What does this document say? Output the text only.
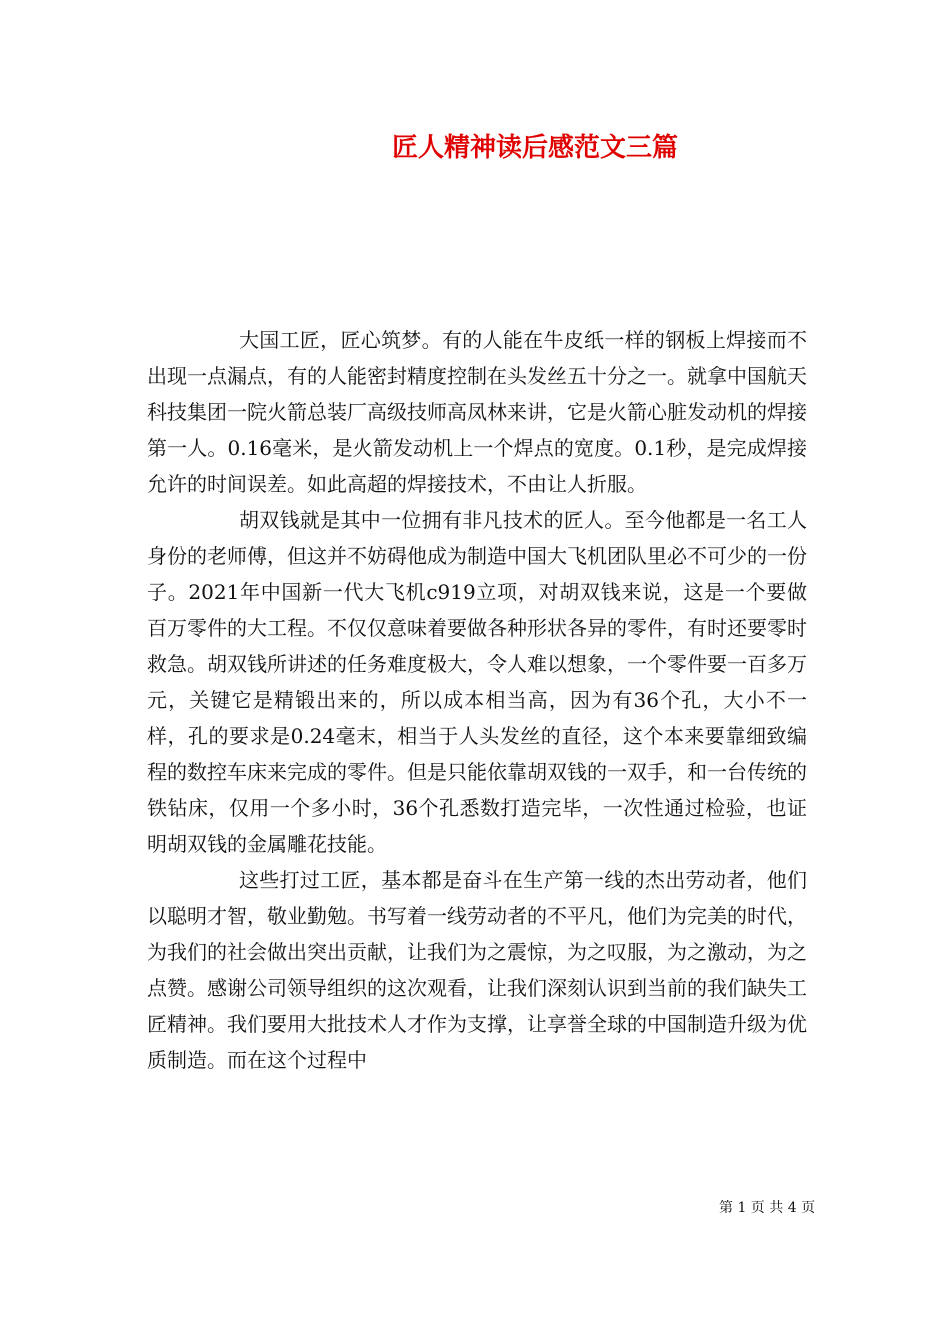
匠人精神读后感范文三篇

大国工匠，匠心筑梦。有的人能在牛皮纸一样的钢板上焊接而不出现一点漏点，有的人能密封精度控制在头发丝五十分之一。就拿中国航天科技集团一院火箭总装厂高级技师高凤林来讲，它是火箭心脏发动机的焊接第一人。0.16毫米，是火箭发动机上一个焊点的宽度。0.1秒，是完成焊接允许的时间误差。如此高超的焊接技术，不由让人折服。

胡双钱就是其中一位拥有非凡技术的匠人。至今他都是一名工人身份的老师傅，但这并不妨碍他成为制造中国大飞机团队里必不可少的一份子。2021年中国新一代大飞机c919立项，对胡双钱来说，这是一个要做百万零件的大工程。不仅仅意味着要做各种形状各异的零件，有时还要零时救急。胡双钱所讲述的任务难度极大，令人难以想象，一个零件要一百多万元，关键它是精锻出来的，所以成本相当高，因为有36个孔，大小不一样，孔的要求是0.24毫末，相当于人头发丝的直径，这个本来要靠细致编程的数控车床来完成的零件。但是只能依靠胡双钱的一双手，和一台传统的铁钻床，仅用一个多小时，36个孔悉数打造完毕，一次性通过检验，也证明胡双钱的金属雕花技能。

这些打过工匠，基本都是奋斗在生产第一线的杰出劳动者，他们以聪明才智，敬业勤勉。书写着一线劳动者的不平凡，他们为完美的时代，为我们的社会做出突出贡献，让我们为之震惊，为之叹服，为之激动，为之点赞。感谢公司领导组织的这次观看，让我们深刻认识到当前的我们缺失工匠精神。我们要用大批技术人才作为支撑，让享誉全球的中国制造升级为优质制造。而在这个过程中

第 1 页 共 4 页
